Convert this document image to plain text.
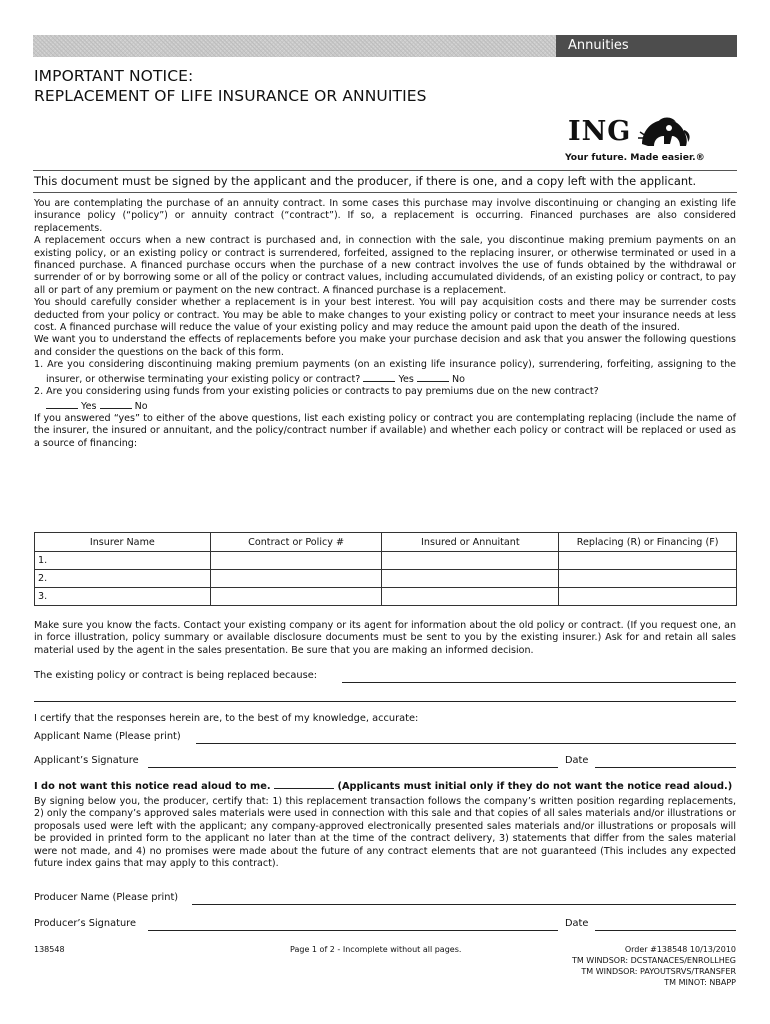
Annuities
IMPORTANT NOTICE:
REPLACEMENT OF LIFE INSURANCE OR ANNUITIES
ING
Your future. Made easier.®
This document must be signed by the applicant and the producer, if there is one, and a copy left with the applicant.

You are contemplating the purchase of an annuity contract. In some cases this purchase may involve discontinuing or changing an existing life insurance policy (“policy”) or annuity contract (“contract”). If so, a replacement is occurring. Financed purchases are also considered replacements.

A replacement occurs when a new contract is purchased and, in connection with the sale, you discontinue making premium payments on an existing policy, or an existing policy or contract is surrendered, forfeited, assigned to the replacing insurer, or otherwise terminated or used in a financed purchase. A financed purchase occurs when the purchase of a new contract involves the use of funds obtained by the withdrawal or surrender of or by borrowing some or all of the policy or contract values, including accumulated dividends, of an existing policy or contract, to pay all or part of any premium or payment on the new contract. A financed purchase is a replacement.

You should carefully consider whether a replacement is in your best interest. You will pay acquisition costs and there may be surrender costs deducted from your policy or contract. You may be able to make changes to your existing policy or contract to meet your insurance needs at less cost. A financed purchase will reduce the value of your existing policy and may reduce the amount paid upon the death of the insured.

We want you to understand the effects of replacements before you make your purchase decision and ask that you answer the following questions and consider the questions on the back of this form.

1. Are you considering discontinuing making premium payments (on an existing life insurance policy), surrendering, forfeiting, assigning to the insurer, or otherwise terminating your existing policy or contract?	Yes	No

2. Are you considering using funds from your existing policies or contracts to pay premiums due on the new contract?
Yes	No

If you answered “yes” to either of the above questions, list each existing policy or contract you are contemplating replacing (include the name of the insurer, the insured or annuitant, and the policy/contract number if available) and whether each policy or contract will be replaced or used as a source of financing:

Insurer Name	Contract or Policy #	Insured or Annuitant	Replacing (R) or Financing (F)
1.			
2.			
3.			
Make sure you know the facts. Contact your existing company or its agent for information about the old policy or contract. (If you request one, an in force illustration, policy summary or available disclosure documents must be sent to you by the existing insurer.) Ask for and retain all sales material used by the agent in the sales presentation. Be sure that you are making an informed decision.
The existing policy or contract is being replaced because:
I certify that the responses herein are, to the best of my knowledge, accurate:
Applicant Name (Please print)
Applicant’s Signature	Date
I do not want this notice read aloud to me.	(Applicants must initial only if they do not want the notice read aloud.)
By signing below you, the producer, certify that: 1) this replacement transaction follows the company’s written position regarding replacements, 2) only the company’s approved sales materials were used in connection with this sale and that copies of all sales materials and/or illustrations or proposals used were left with the applicant; any company-approved electronically presented sales materials and/or illustrations or proposals will be provided in printed form to the applicant no later than at the time of the contract delivery, 3) statements that differ from the sales material were not made, and 4) no promises were made about the future of any contract elements that are not guaranteed (This includes any expected future index gains that may apply to this contract).
Producer Name (Please print)
Producer’s Signature	Date
138548	Page 1 of 2 - Incomplete without all pages.	Order #138548 10/13/2010
TM WINDSOR: DCSTANACES/ENROLLHEG
TM WINDSOR: PAYOUTSRVS/TRANSFER
TM MINOT: NBAPP
